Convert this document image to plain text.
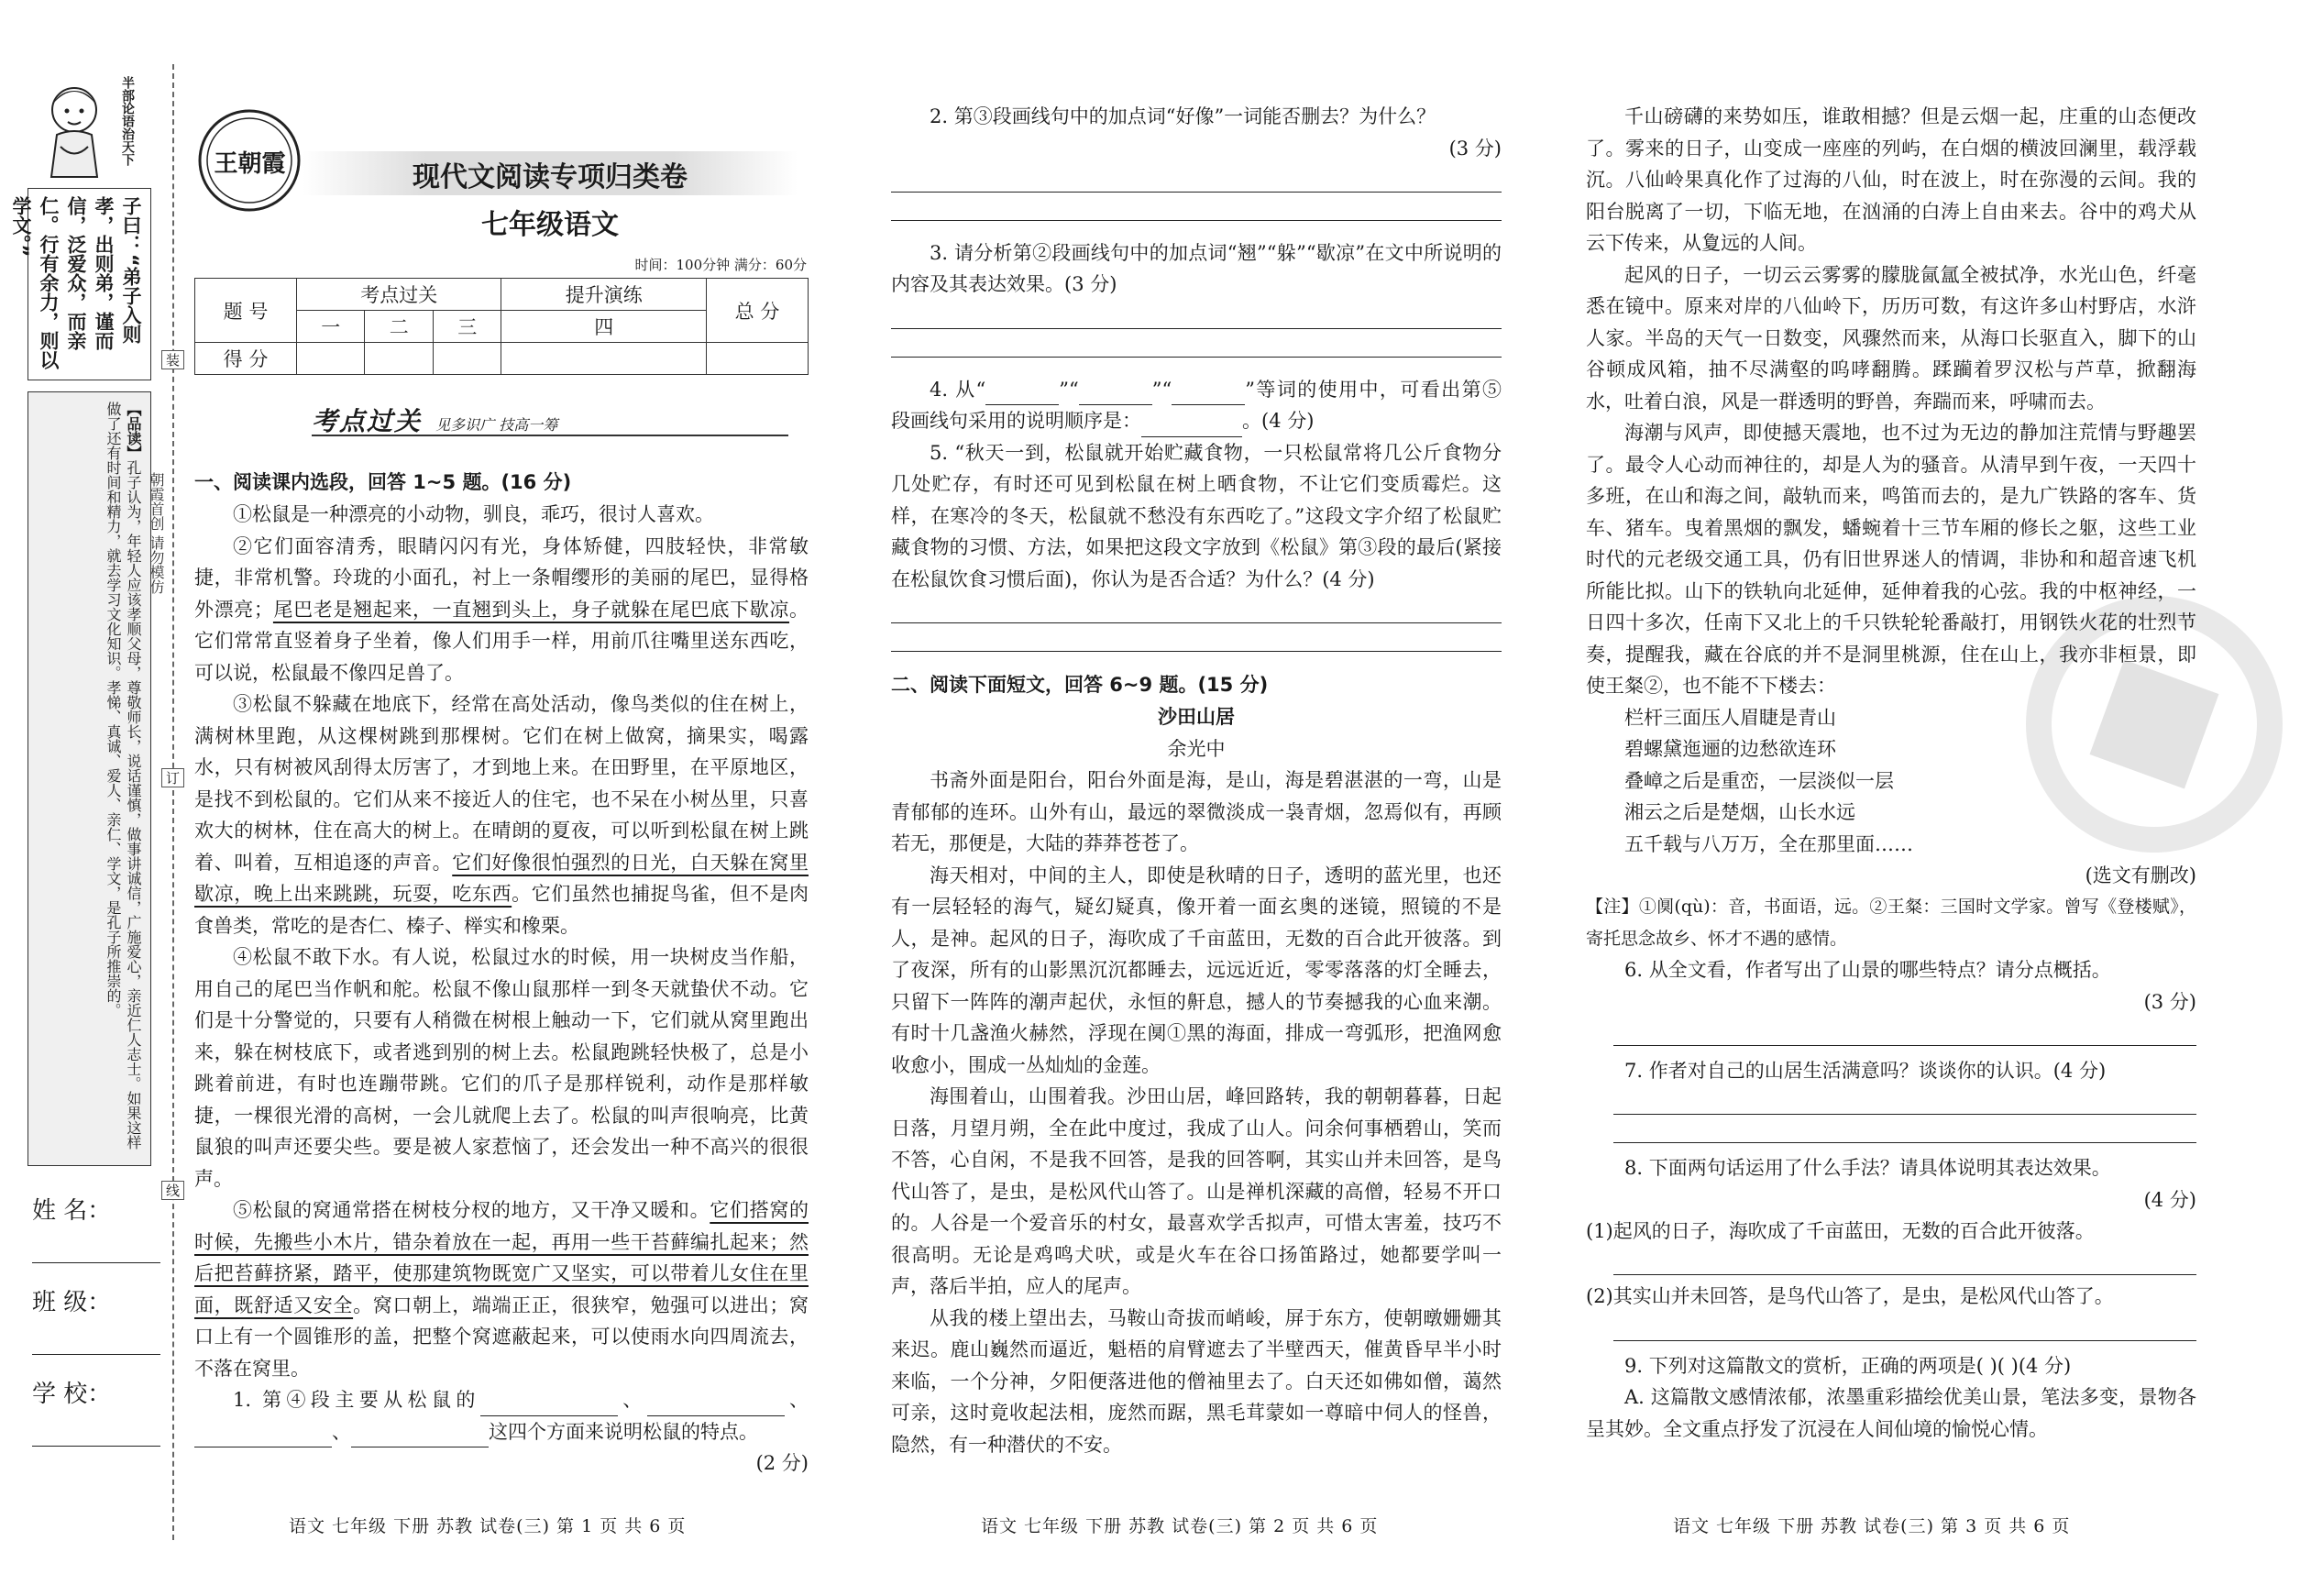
半部论语治天下
子曰：“弟子入则孝，出则弟，谨而信，泛爱众，而亲仁。行有余力，则以学文。”
【品读】孔子认为，年轻人应该孝顺父母，尊敬师长，说话谨慎，做事讲诚信，广施爱心，亲近仁人志士。如果这样做了还有时间和精力，就去学习文化知识。孝悌、真诚、爱人、亲仁、学文，是孔子所推崇的。	朝霞首创 请勿模仿
姓 名：
班 级：
学 校：
装
订
线
王朝霞	现代文阅读专项归类卷
七年级语文
时间：100分钟 满分：60分
题 号	考点过关			提升演练	总 分
	一	二	三	四	
得 分					
考点过关 见多识广 技高一筹

一、阅读课内选段，回答 1~5 题。(16 分)

①松鼠是一种漂亮的小动物，驯良，乖巧，很讨人喜欢。

②它们面容清秀，眼睛闪闪有光，身体矫健，四肢轻快，非常敏捷，非常机警。玲珑的小面孔，衬上一条帽缨形的美丽的尾巴，显得格外漂亮；尾巴老是翘起来，一直翘到头上，身子就躲在尾巴底下歇凉。它们常常直竖着身子坐着，像人们用手一样，用前爪往嘴里送东西吃，可以说，松鼠最不像四足兽了。

③松鼠不躲藏在地底下，经常在高处活动，像鸟类似的住在树上，满树林里跑，从这棵树跳到那棵树。它们在树上做窝，摘果实，喝露水，只有树被风刮得太厉害了，才到地上来。在田野里，在平原地区，是找不到松鼠的。它们从来不接近人的住宅，也不呆在小树丛里，只喜欢大的树林，住在高大的树上。在晴朗的夏夜，可以听到松鼠在树上跳着、叫着，互相追逐的声音。它们好像很怕强烈的日光，白天躲在窝里歇凉，晚上出来跳跳，玩耍，吃东西。它们虽然也捕捉鸟雀，但不是肉食兽类，常吃的是杏仁、榛子、榉实和橡栗。

④松鼠不敢下水。有人说，松鼠过水的时候，用一块树皮当作船，用自己的尾巴当作帆和舵。松鼠不像山鼠那样一到冬天就蛰伏不动。它们是十分警觉的，只要有人稍微在树根上触动一下，它们就从窝里跑出来，躲在树枝底下，或者逃到别的树上去。松鼠跑跳轻快极了，总是小跳着前进，有时也连蹦带跳。它们的爪子是那样锐利，动作是那样敏捷，一棵很光滑的高树，一会儿就爬上去了。松鼠的叫声很响亮，比黄鼠狼的叫声还要尖些。要是被人家惹恼了，还会发出一种不高兴的很很声。

⑤松鼠的窝通常搭在树枝分杈的地方，又干净又暖和。它们搭窝的时候，先搬些小木片，错杂着放在一起，再用一些干苔藓编扎起来；然后把苔藓挤紧，踏平，使那建筑物既宽广又坚实，可以带着儿女住在里面，既舒适又安全。窝口朝上，端端正正，很狭窄，勉强可以进出；窝口上有一个圆锥形的盖，把整个窝遮蔽起来，可以使雨水向四周流去，不落在窝里。

1. 第④段主要从松鼠的	、	、、	这四个方面来说明松鼠的特点。

(2 分)

语文 七年级 下册 苏教 试卷(三) 第 1 页 共 6 页

2. 第③段画线句中的加点词“好像”一词能否删去？为什么？

(3 分)

3. 请分析第②段画线句中的加点词“翘”“躲”“歇凉”在文中所说明的内容及其表达效果。(3 分)

4. 从“	”“	”“	”等词的使用中，可看出第⑤段画线句采用的说明顺序是：	。(4 分)

5. “秋天一到，松鼠就开始贮藏食物，一只松鼠常将几公斤食物分几处贮存，有时还可见到松鼠在树上晒食物，不让它们变质霉烂。这样，在寒冷的冬天，松鼠就不愁没有东西吃了。”这段文字介绍了松鼠贮藏食物的习惯、方法，如果把这段文字放到《松鼠》第③段的最后(紧接在松鼠饮食习惯后面)，你认为是否合适？为什么？(4 分)

二、阅读下面短文，回答 6~9 题。(15 分)

沙田山居

余光中

书斋外面是阳台，阳台外面是海，是山，海是碧湛湛的一弯，山是青郁郁的连环。山外有山，最远的翠微淡成一袅青烟，忽焉似有，再顾若无，那便是，大陆的莽莽苍苍了。

海天相对，中间的主人，即使是秋晴的日子，透明的蓝光里，也还有一层轻轻的海气，疑幻疑真，像开着一面玄奥的迷镜，照镜的不是人，是神。起风的日子，海吹成了千亩蓝田，无数的百合此开彼落。到了夜深，所有的山影黑沉沉都睡去，远远近近，零零落落的灯全睡去，只留下一阵阵的潮声起伏，永恒的鼾息，撼人的节奏撼我的心血来潮。有时十几盏渔火赫然，浮现在阒①黑的海面，排成一弯弧形，把渔网愈收愈小，围成一丛灿灿的金莲。

海围着山，山围着我。沙田山居，峰回路转，我的朝朝暮暮，日起日落，月望月朔，全在此中度过，我成了山人。问余何事栖碧山，笑而不答，心自闲，不是我不回答，是我的回答啊，其实山并未回答，是鸟代山答了，是虫，是松风代山答了。山是禅机深藏的高僧，轻易不开口的。人谷是一个爱音乐的村女，最喜欢学舌拟声，可惜太害羞，技巧不很高明。无论是鸡鸣犬吠，或是火车在谷口扬笛路过，她都要学叫一声，落后半拍，应人的尾声。

从我的楼上望出去，马鞍山奇拔而峭峻，屏于东方，使朝暾姗姗其来迟。鹿山巍然而逼近，魁梧的肩臂遮去了半壁西天，催黄昏早半小时来临，一个分神，夕阳便落进他的僧袖里去了。白天还如佛如僧，蔼然可亲，这时竟收起法相，庞然而踞，黑毛茸蒙如一尊暗中伺人的怪兽，隐然，有一种潜伏的不安。

语文 七年级 下册 苏教 试卷(三) 第 2 页 共 6 页

千山磅礴的来势如压，谁敢相撼？但是云烟一起，庄重的山态便改了。雾来的日子，山变成一座座的列屿，在白烟的横波回澜里，载浮载沉。八仙岭果真化作了过海的八仙，时在波上，时在弥漫的云间。我的阳台脱离了一切，下临无地，在汹涌的白涛上自由来去。谷中的鸡犬从云下传来，从夐远的人间。

起风的日子，一切云云雾雾的朦胧氤氲全被拭净，水光山色，纤毫悉在镜中。原来对岸的八仙岭下，历历可数，有这许多山村野店，水浒人家。半岛的天气一日数变，风骤然而来，从海口长驱直入，脚下的山谷顿成风箱，抽不尽满壑的呜哮翻腾。蹂躏着罗汉松与芦草，掀翻海水，吐着白浪，风是一群透明的野兽，奔踹而来，呼啸而去。

海潮与风声，即使撼天震地，也不过为无边的静加注荒情与野趣罢了。最令人心动而神往的，却是人为的骚音。从清早到午夜，一天四十多班，在山和海之间，敲轨而来，鸣笛而去的，是九广铁路的客车、货车、猪车。曳着黑烟的飘发，蟠蜿着十三节车厢的修长之躯，这些工业时代的元老级交通工具，仍有旧世界迷人的情调，非协和和超音速飞机所能比拟。山下的铁轨向北延伸，延伸着我的心弦。我的中枢神经，一日四十多次，任南下又北上的千只铁轮轮番敲打，用钢铁火花的壮烈节奏，提醒我，藏在谷底的并不是洞里桃源，住在山上，我亦非桓景，即使王粲②，也不能不下楼去：

栏杆三面压人眉睫是青山

碧螺黛迤逦的边愁欲连环

叠嶂之后是重峦，一层淡似一层

湘云之后是楚烟，山长水远

五千载与八万万，全在那里面……

(选文有删改)

【注】①阒(qù)：音，书面语，远。②王粲：三国时文学家。曾写《登楼赋》，寄托思念故乡、怀才不遇的感情。

6. 从全文看，作者写出了山景的哪些特点？请分点概括。

(3 分)

7. 作者对自己的山居生活满意吗？谈谈你的认识。(4 分)

8. 下面两句话运用了什么手法？请具体说明其表达效果。

(4 分)

(1)起风的日子，海吹成了千亩蓝田，无数的百合此开彼落。

(2)其实山并未回答，是鸟代山答了，是虫，是松风代山答了。

9. 下列对这篇散文的赏析，正确的两项是( )( )(4 分)

A. 这篇散文感情浓郁，浓墨重彩描绘优美山景，笔法多变，景物各呈其妙。全文重点抒发了沉浸在人间仙境的愉悦心情。

语文 七年级 下册 苏教 试卷(三) 第 3 页 共 6 页
